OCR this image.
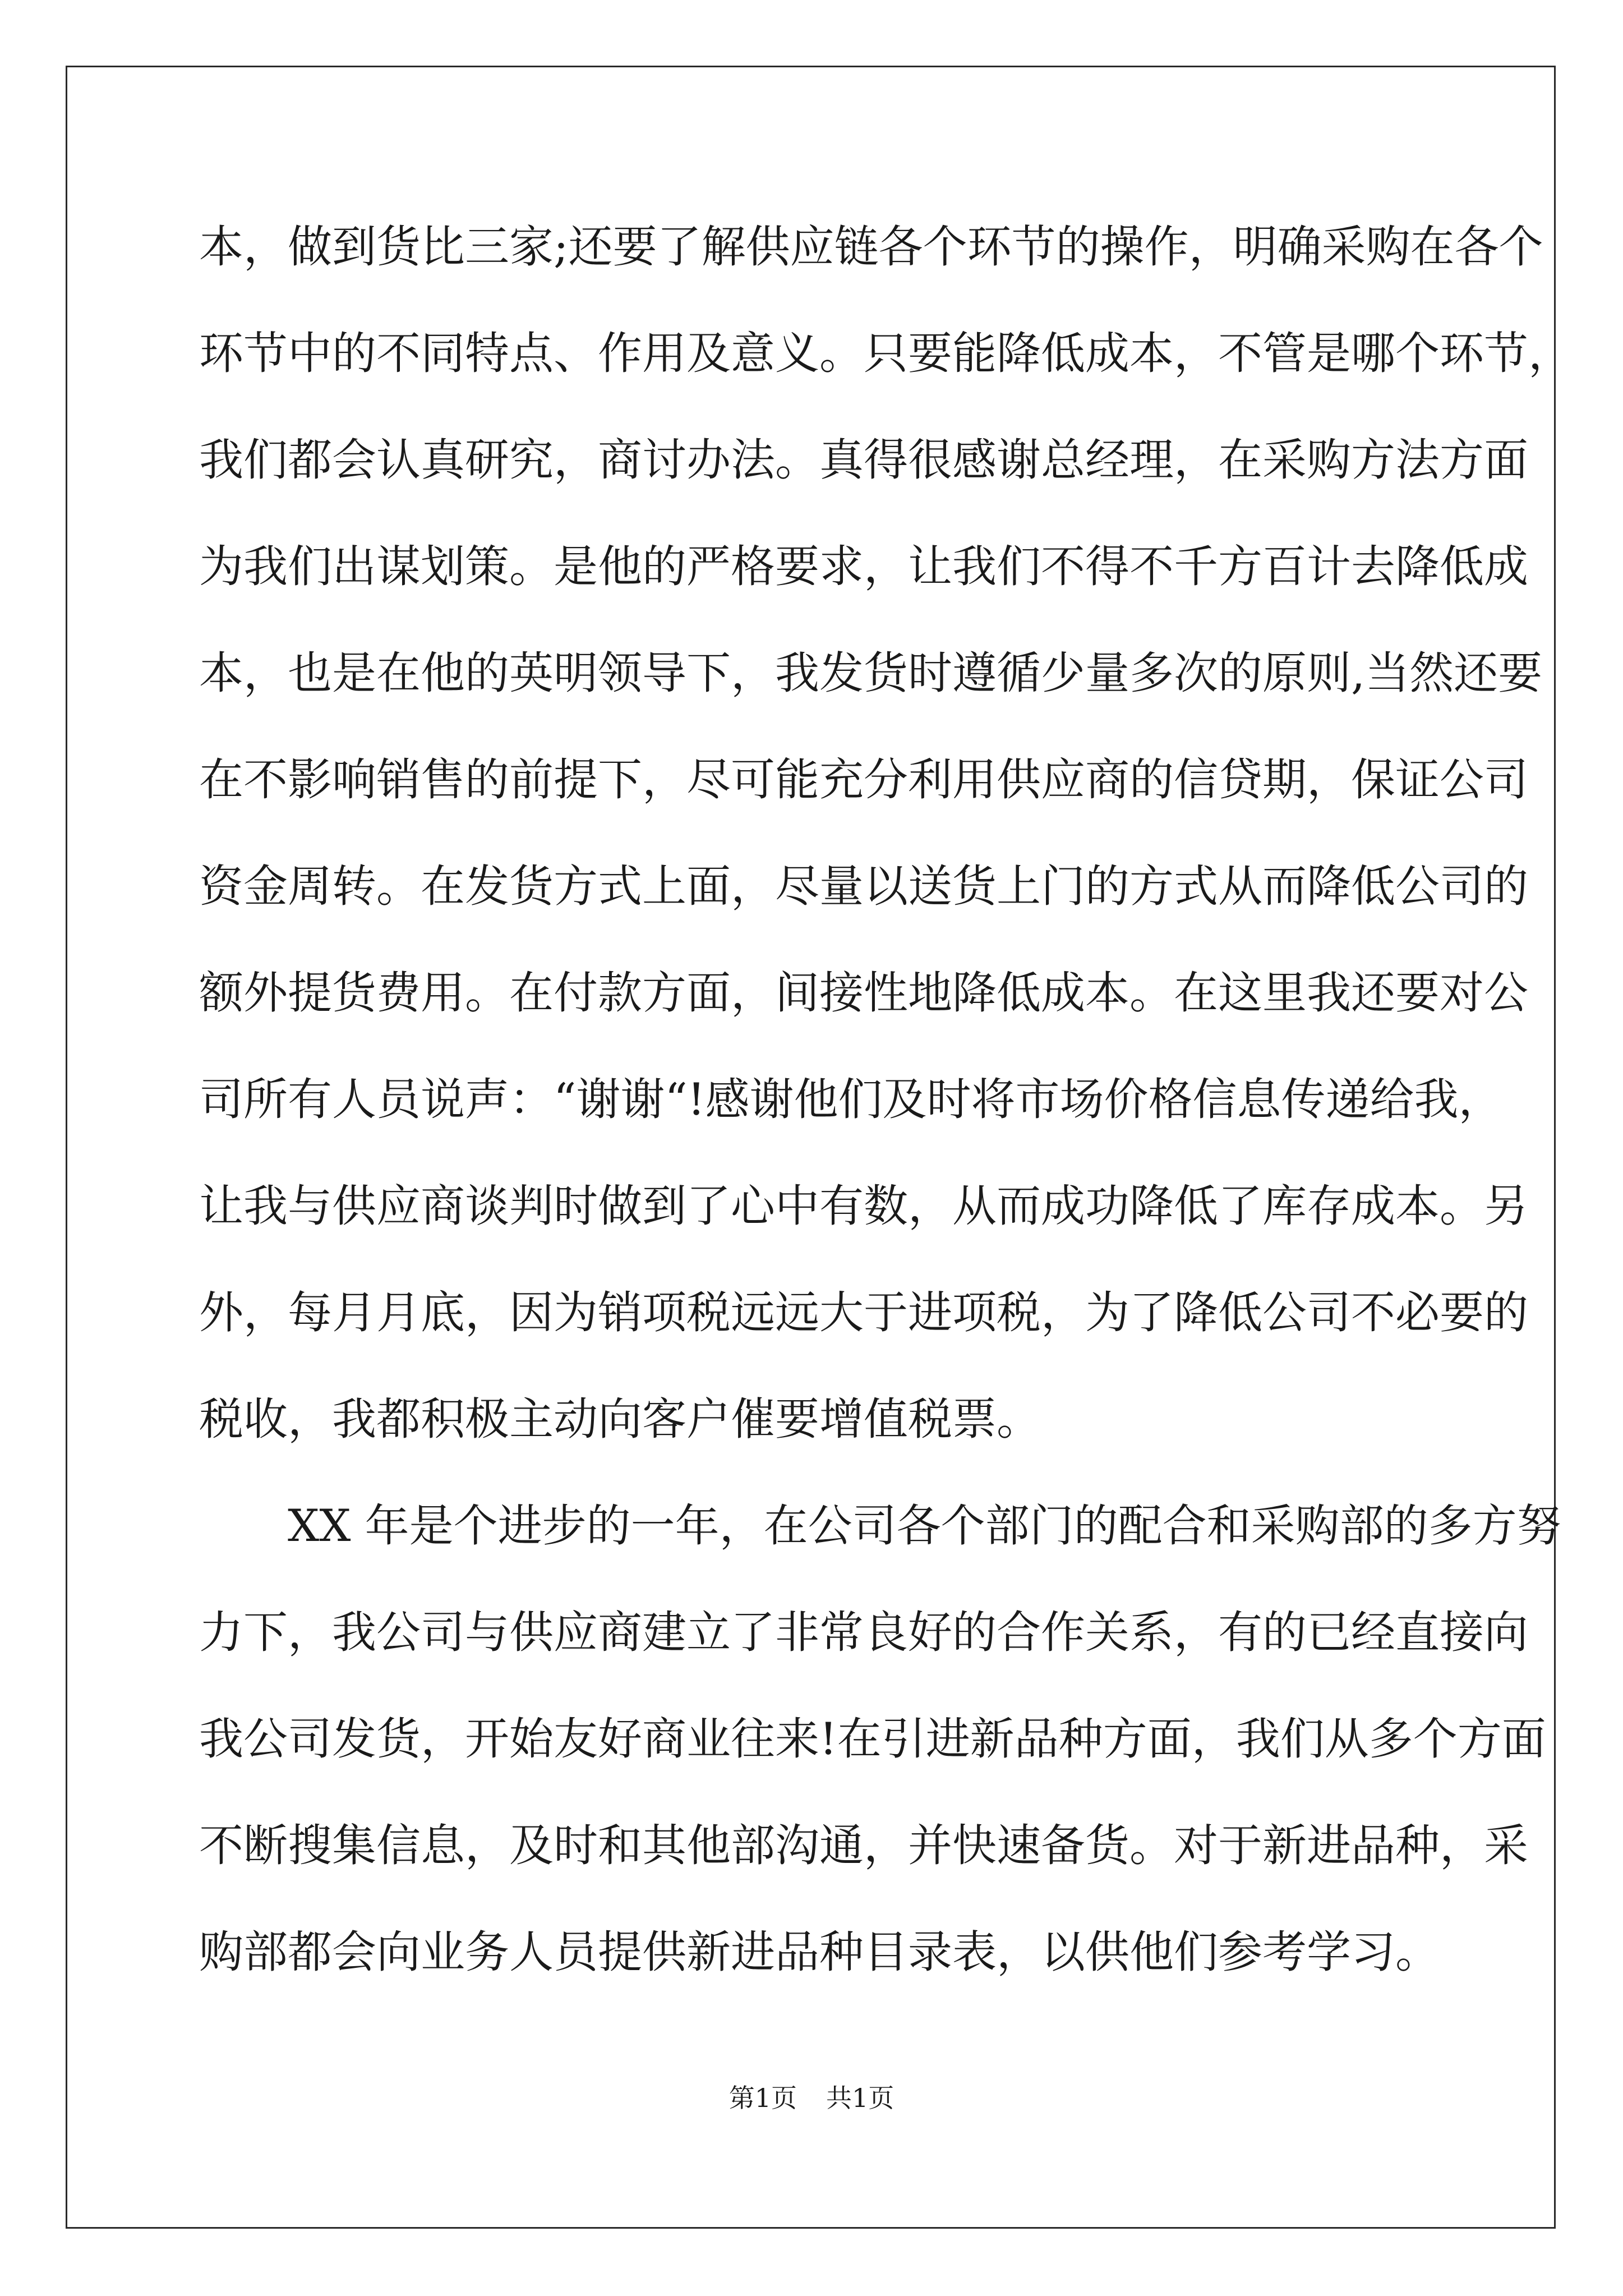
本，做到货比三家;还要了解供应链各个环节的操作，明确采购在各个
环节中的不同特点、作用及意义。只要能降低成本，不管是哪个环节，
我们都会认真研究，商讨办法。真得很感谢总经理，在采购方法方面
为我们出谋划策。是他的严格要求，让我们不得不千方百计去降低成
本，也是在他的英明领导下，我发货时遵循少量多次的原则,当然还要
在不影响销售的前提下，尽可能充分利用供应商的信贷期，保证公司
资金周转。在发货方式上面，尽量以送货上门的方式从而降低公司的
额外提货费用。在付款方面，间接性地降低成本。在这里我还要对公
司所有人员说声：“谢谢“!感谢他们及时将市场价格信息传递给我，
让我与供应商谈判时做到了心中有数，从而成功降低了库存成本。另
外，每月月底，因为销项税远远大于进项税，为了降低公司不必要的
税收，我都积极主动向客户催要增值税票。
　　XX 年是个进步的一年，在公司各个部门的配合和采购部的多方努
力下，我公司与供应商建立了非常良好的合作关系，有的已经直接向
我公司发货，开始友好商业往来!在引进新品种方面，我们从多个方面
不断搜集信息，及时和其他部沟通，并快速备货。对于新进品种，采
购部都会向业务人员提供新进品种目录表，以供他们参考学习。
第1页 共1页
